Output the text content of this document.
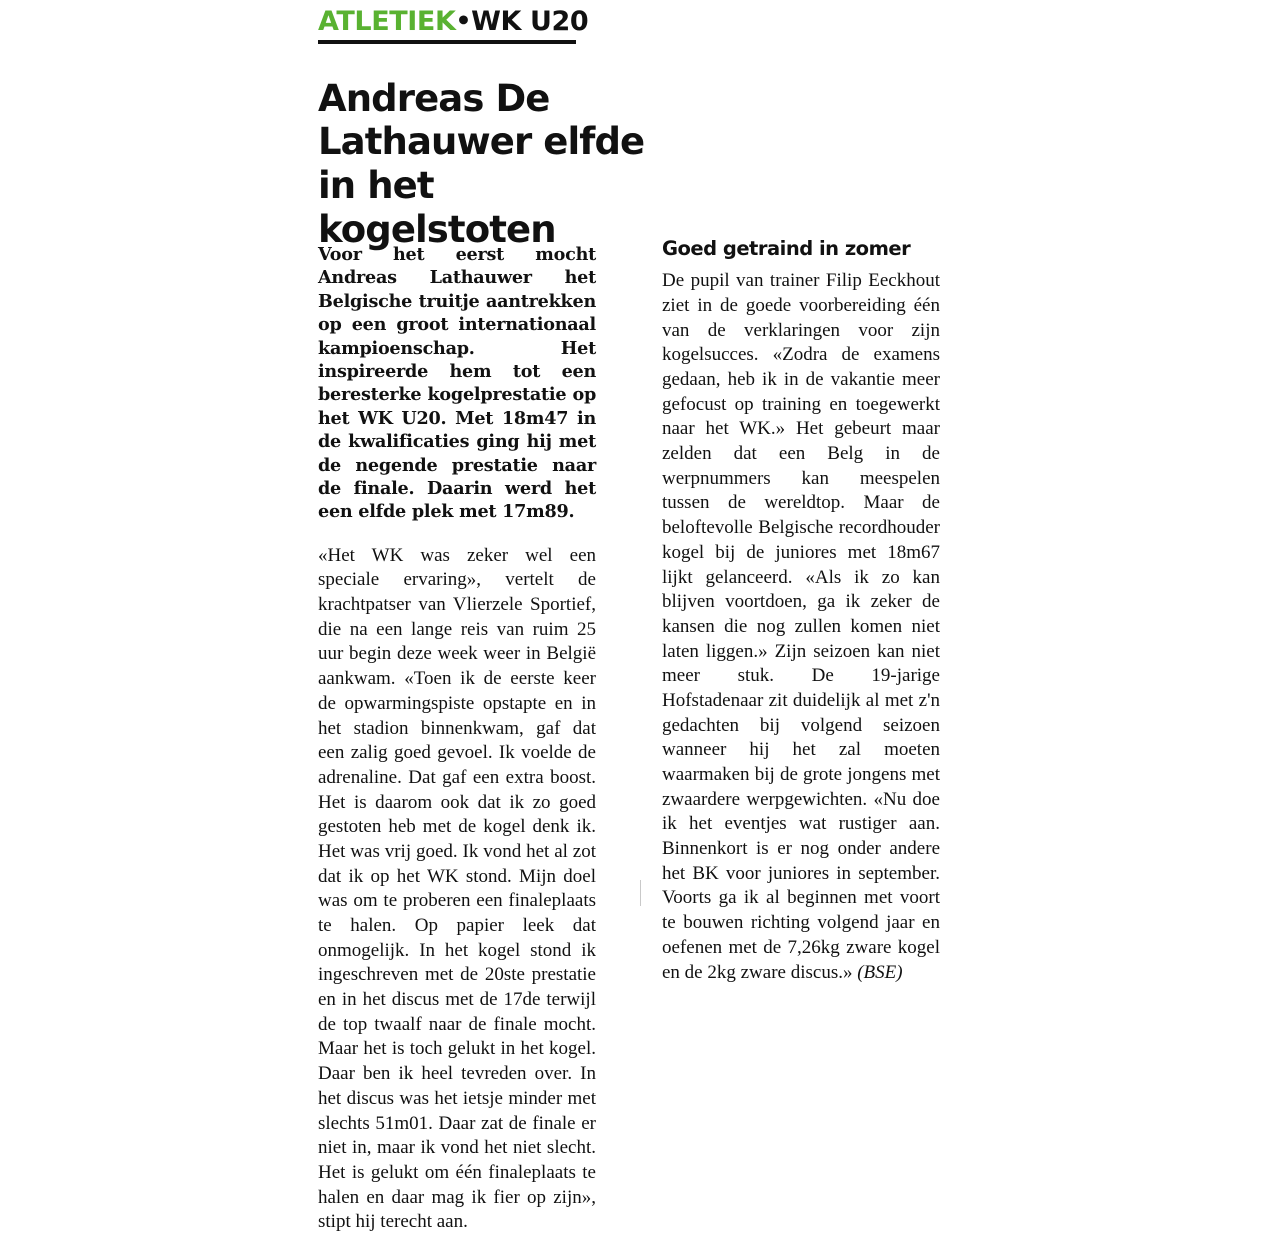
ATLETIEK•WK U20
Andreas De Lathauwer elfde in het kogelstoten

Voor het eerst mocht Andreas Lathauwer het Belgische truitje aantrekken op een groot internationaal kampioenschap. Het inspireerde hem tot een beresterke kogelprestatie op het WK U20. Met 18m47 in de kwalificaties ging hij met de negende prestatie naar de finale. Daarin werd het een elfde plek met 17m89.

«Het WK was zeker wel een speciale ervaring», vertelt de krachtpatser van Vlierzele Sportief, die na een lange reis van ruim 25 uur begin deze week weer in België aankwam. «Toen ik de eerste keer de opwarmingspiste opstapte en in het stadion binnenkwam, gaf dat een zalig goed gevoel. Ik voelde de adrenaline. Dat gaf een extra boost. Het is daarom ook dat ik zo goed gestoten heb met de kogel denk ik. Het was vrij goed. Ik vond het al zot dat ik op het WK stond. Mijn doel was om te proberen een finaleplaats te halen. Op papier leek dat onmogelijk. In het kogel stond ik ingeschreven met de 20ste prestatie en in het discus met de 17de terwijl de top twaalf naar de finale mocht. Maar het is toch gelukt in het kogel. Daar ben ik heel tevreden over. In het discus was het ietsje minder met slechts 51m01. Daar zat de finale er niet in, maar ik vond het niet slecht. Het is gelukt om één finaleplaats te halen en daar mag ik fier op zijn», stipt hij terecht aan.

Goed getraind in zomer

De pupil van trainer Filip Eeckhout ziet in de goede voorbereiding één van de verklaringen voor zijn kogelsucces. «Zodra de examens gedaan, heb ik in de vakantie meer gefocust op training en toegewerkt naar het WK.» Het gebeurt maar zelden dat een Belg in de werpnummers kan meespelen tussen de wereldtop. Maar de beloftevolle Belgische recordhouder kogel bij de juniores met 18m67 lijkt gelanceerd. «Als ik zo kan blijven voortdoen, ga ik zeker de kansen die nog zullen komen niet laten liggen.» Zijn seizoen kan niet meer stuk. De 19-jarige Hofstadenaar zit duidelijk al met z'n gedachten bij volgend seizoen wanneer hij het zal moeten waarmaken bij de grote jongens met zwaardere werpgewichten. «Nu doe ik het eventjes wat rustiger aan. Binnenkort is er nog onder andere het BK voor juniores in september. Voorts ga ik al beginnen met voort te bouwen richting volgend jaar en oefenen met de 7,26kg zware kogel en de 2kg zware discus.» (BSE)
